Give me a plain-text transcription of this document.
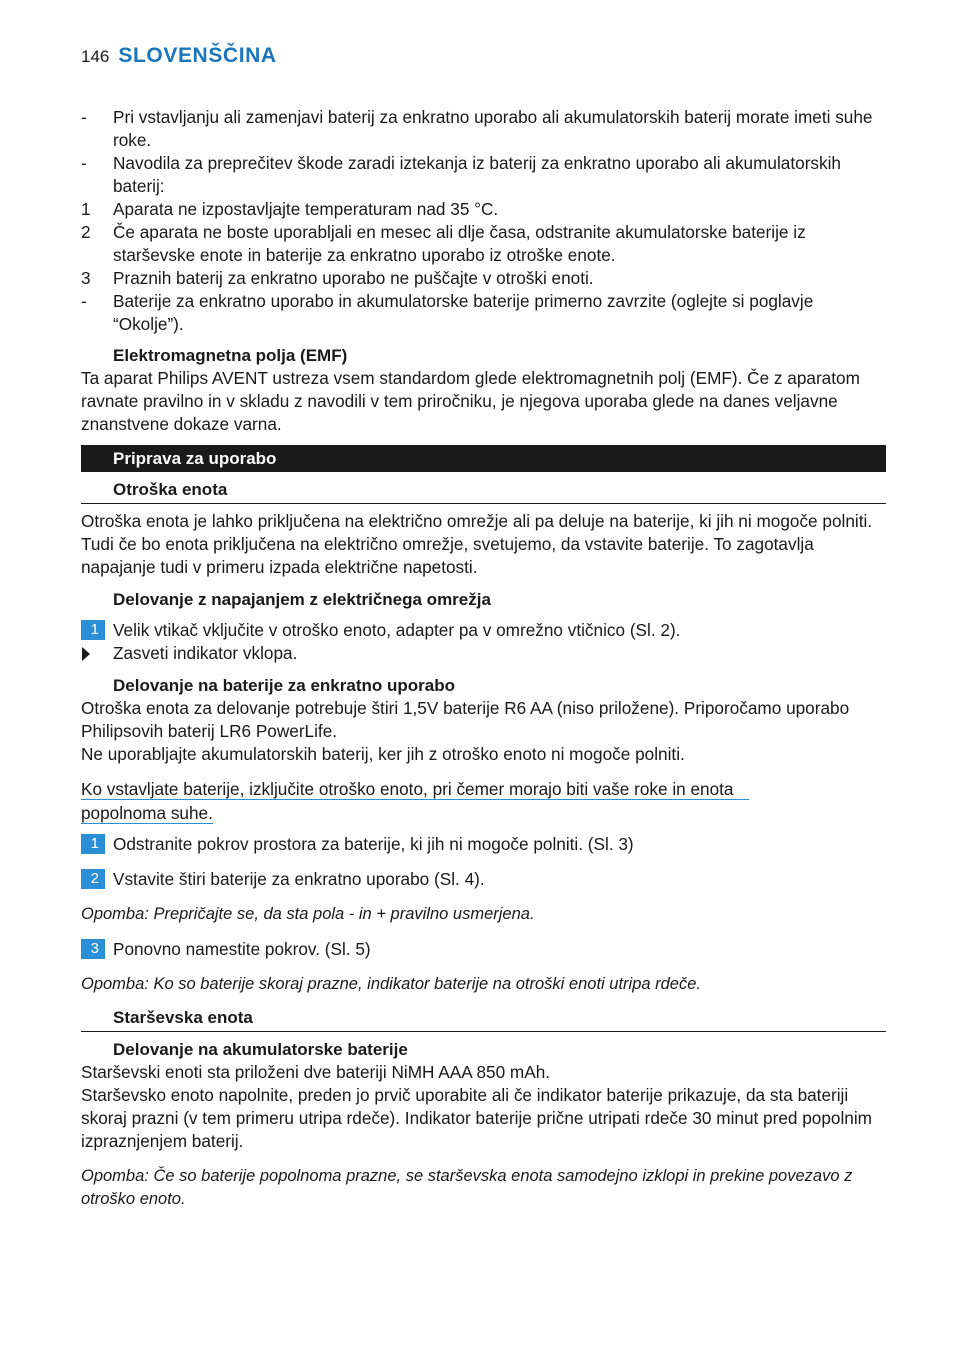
146 SLOVENŠČINA
-	Pri vstavljanju ali zamenjavi baterij za enkratno uporabo ali akumulatorskih baterij morate imeti suhe roke.
-	Navodila za preprečitev škode zaradi iztekanja iz baterij za enkratno uporabo ali akumulatorskih baterij:
1	Aparata ne izpostavljajte temperaturam nad 35 °C.
2	Če aparata ne boste uporabljali en mesec ali dlje časa, odstranite akumulatorske baterije iz starševske enote in baterije za enkratno uporabo iz otroške enote.
3	Praznih baterij za enkratno uporabo ne puščajte v otroški enoti.
-	Baterije za enkratno uporabo in akumulatorske baterije primerno zavrzite (oglejte si poglavje “Okolje”).
Elektromagnetna polja (EMF)
Ta aparat Philips AVENT ustreza vsem standardom glede elektromagnetnih polj (EMF). Če z aparatom ravnate pravilno in v skladu z navodili v tem priročniku, je njegova uporaba glede na danes veljavne znanstvene dokaze varna.
Priprava za uporabo
Otroška enota
Otroška enota je lahko priključena na električno omrežje ali pa deluje na baterije, ki jih ni mogoče polniti. Tudi če bo enota priključena na električno omrežje, svetujemo, da vstavite baterije. To zagotavlja napajanje tudi v primeru izpada električne napetosti.
Delovanje z napajanjem z električnega omrežja
1 Velik vtikač vključite v otroško enoto, adapter pa v omrežno vtičnico (Sl. 2).
Zasveti indikator vklopa.
Delovanje na baterije za enkratno uporabo
Otroška enota za delovanje potrebuje štiri 1,5V baterije R6 AA (niso priložene). Priporočamo uporabo Philipsovih baterij LR6 PowerLife.
Ne uporabljajte akumulatorskih baterij, ker jih z otroško enoto ni mogoče polniti.
Ko vstavljate baterije, izključite otroško enoto, pri čemer morajo biti vaše roke in enota
popolnoma suhe.
1 Odstranite pokrov prostora za baterije, ki jih ni mogoče polniti. (Sl. 3)
2 Vstavite štiri baterije za enkratno uporabo (Sl. 4).
Opomba: Prepričajte se, da sta pola - in + pravilno usmerjena.
3 Ponovno namestite pokrov. (Sl. 5)
Opomba: Ko so baterije skoraj prazne, indikator baterije na otroški enoti utripa rdeče.
Starševska enota
Delovanje na akumulatorske baterije
Starševski enoti sta priloženi dve bateriji NiMH AAA 850 mAh.
Starševsko enoto napolnite, preden jo prvič uporabite ali če indikator baterije prikazuje, da sta bateriji skoraj prazni (v tem primeru utripa rdeče). Indikator baterije prične utripati rdeče 30 minut pred popolnim izpraznjenjem baterij.
Opomba: Če so baterije popolnoma prazne, se starševska enota samodejno izklopi in prekine povezavo z otroško enoto.
